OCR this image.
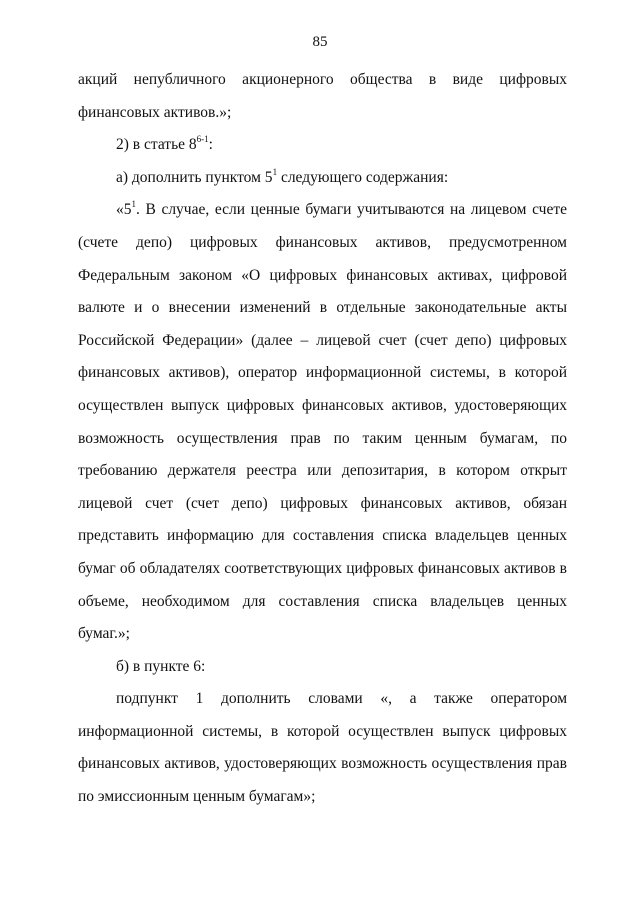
85

акций непубличного акционерного общества в виде цифровых финансовых активов.»;

2) в статье 8$^{6-1}$:

а) дополнить пунктом $5^1$ следующего содержания:

«$5^1$. В случае, если ценные бумаги учитываются на лицевом счете (счете депо) цифровых финансовых активов, предусмотренном Федеральным законом «О цифровых финансовых активах, цифровой валюте и о внесении изменений в отдельные законодательные акты Российской Федерации» (далее – лицевой счет (счет депо) цифровых финансовых активов), оператор информационной системы, в которой осуществлен выпуск цифровых финансовых активов, удостоверяющих возможность осуществления прав по таким ценным бумагам, по требованию держателя реестра или депозитария, в котором открыт лицевой счет (счет депо) цифровых финансовых активов, обязан представить информацию для составления списка владельцев ценных бумаг об обладателях соответствующих цифровых финансовых активов в объеме, необходимом для составления списка владельцев ценных бумаг.»;

б) в пункте 6:

подпункт 1 дополнить словами «, а также оператором информационной системы, в которой осуществлен выпуск цифровых финансовых активов, удостоверяющих возможность осуществления прав по эмиссионным ценным бумагам»;
